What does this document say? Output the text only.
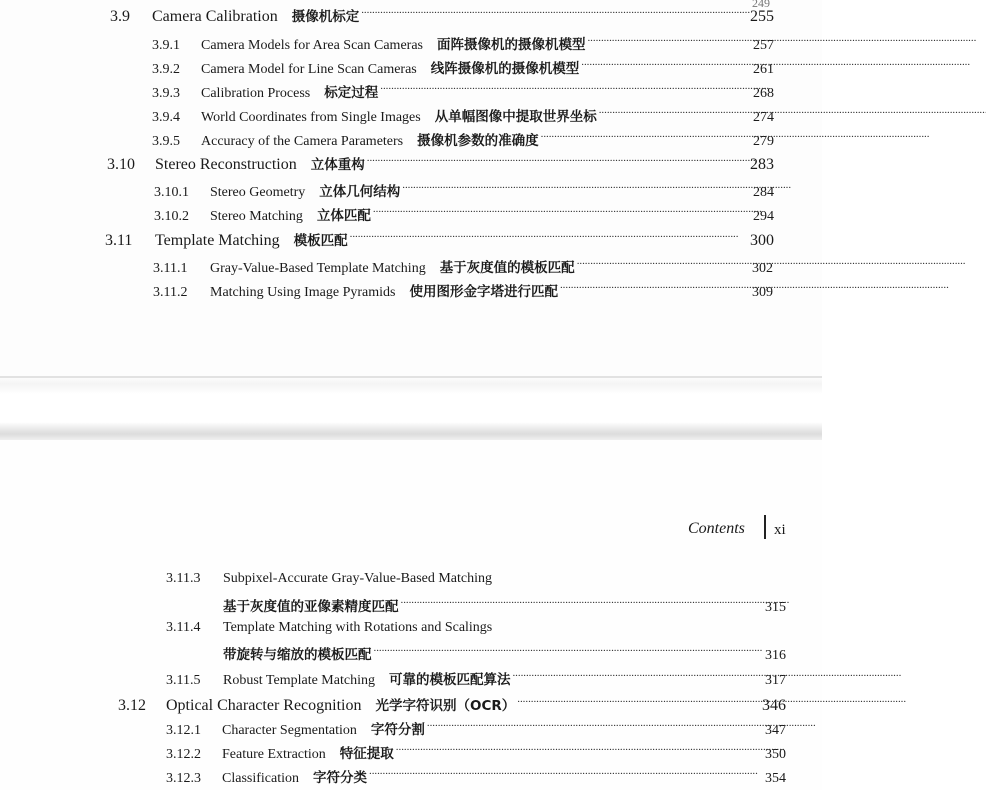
249
3.9	Camera Calibration 摄像机标定 . . .	255
3.9.1	Camera Models for Area Scan Cameras 面阵摄像机的摄像机模型 . . .	257
3.9.2	Camera Model for Line Scan Cameras 线阵摄像机的摄像机模型 . . .	261
3.9.3	Calibration Process 标定过程 . . .	268
3.9.4	World Coordinates from Single Images 从单幅图像中提取世界坐标 . . .	274
3.9.5	Accuracy of the Camera Parameters 摄像机参数的准确度 . . .	279
3.10	Stereo Reconstruction 立体重构 . . .	283
3.10.1	Stereo Geometry 立体几何结构 . . .	284
3.10.2	Stereo Matching 立体匹配 . . .	294
3.11	Template Matching 模板匹配 . . .	300
3.11.1	Gray-Value-Based Template Matching 基于灰度值的模板匹配 . . .	302
3.11.2	Matching Using Image Pyramids 使用图形金字塔进行匹配 . . .	309
Contents xi
3.11.3	Subpixel-Accurate Gray-Value-Based Matching
基于灰度值的亚像素精度匹配 . . .	315
3.11.4	Template Matching with Rotations and Scalings
带旋转与缩放的模板匹配 . . .	316
3.11.5	Robust Template Matching 可靠的模板匹配算法 . . .	317
3.12	Optical Character Recognition 光学字符识别（OCR） . . .	346
3.12.1	Character Segmentation 字符分割 . . .	347
3.12.2	Feature Extraction 特征提取 . . .	350
3.12.3	Classification 字符分类 . . .	354
